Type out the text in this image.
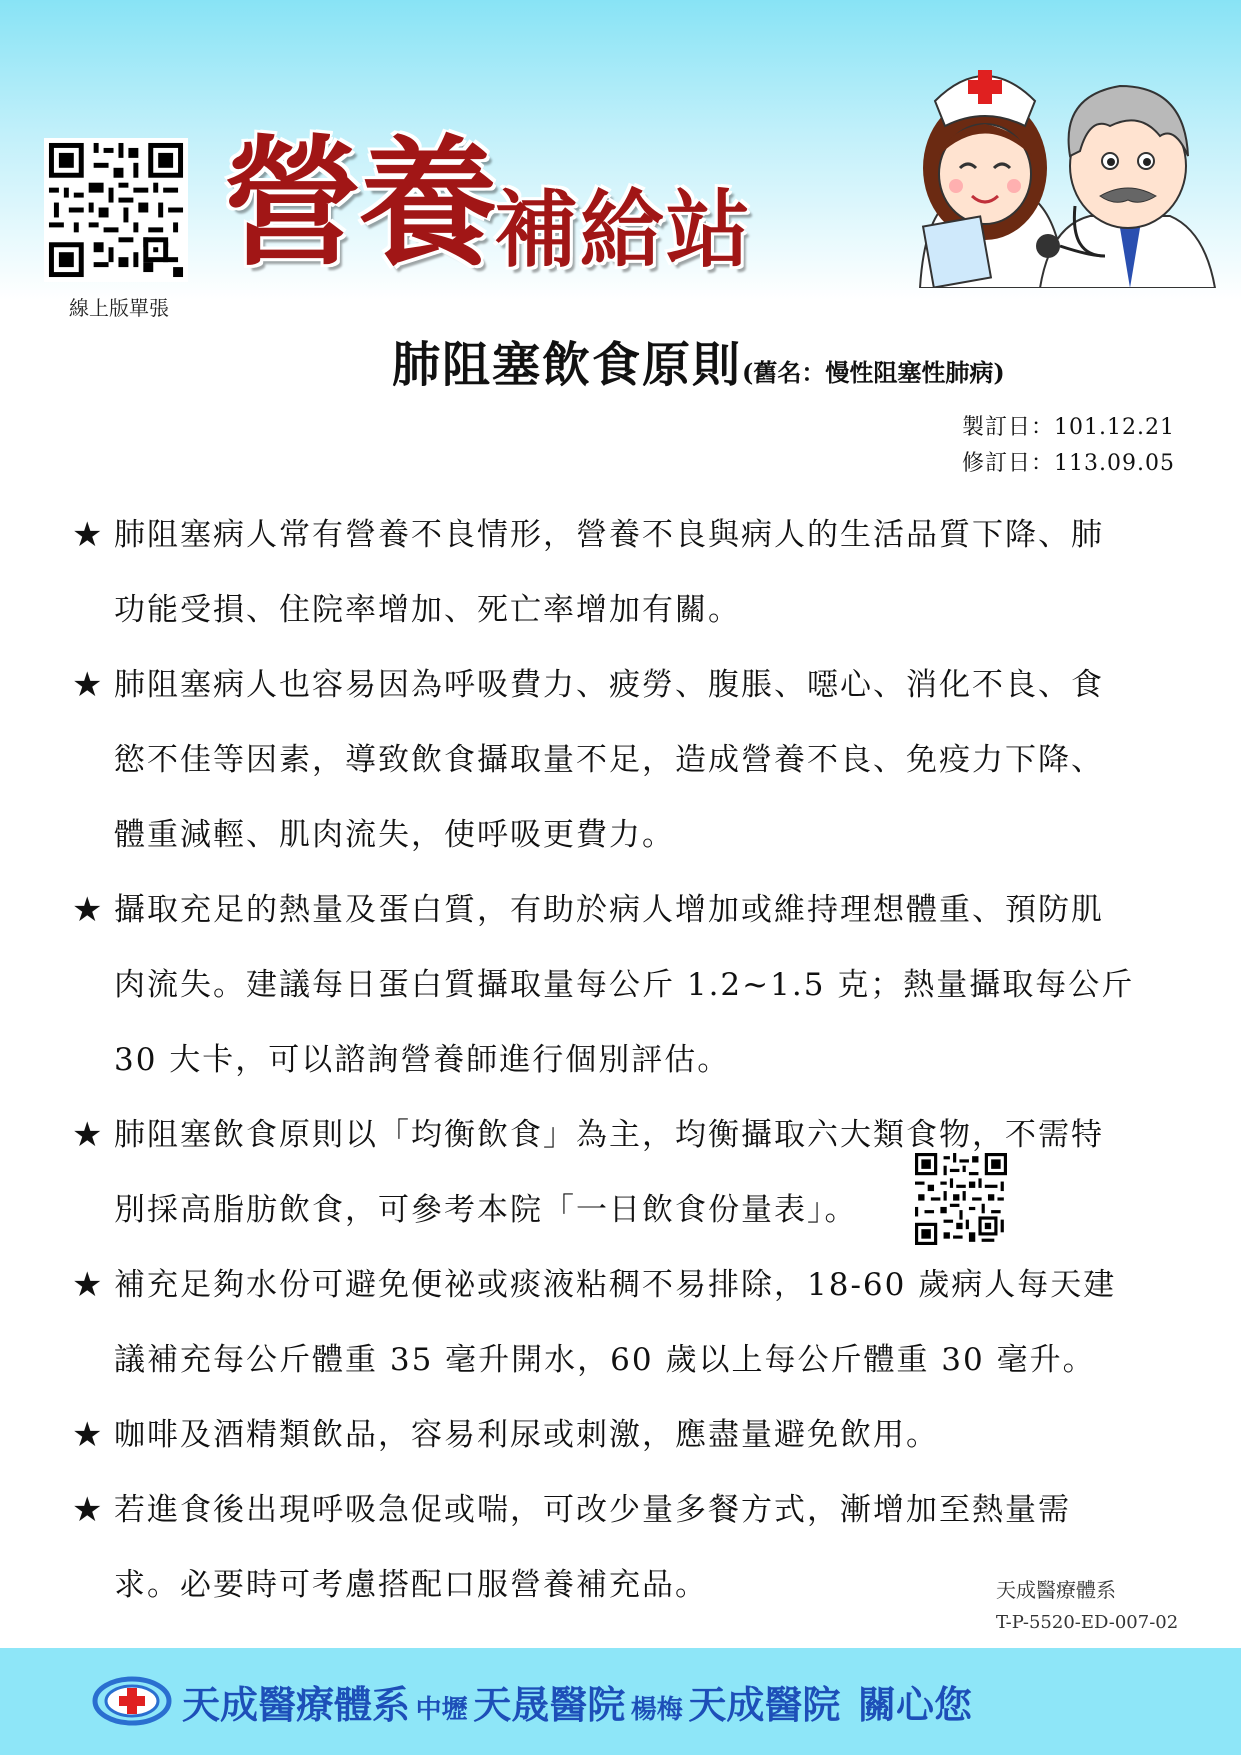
線上版單張
營養補給站
肺阻塞飲食原則(舊名：慢性阻塞性肺病)
製訂日：101.12.21
修訂日：113.09.05
★ 肺阻塞病人常有營養不良情形，營養不良與病人的生活品質下降、肺
功能受損、住院率增加、死亡率增加有關。
★ 肺阻塞病人也容易因為呼吸費力、疲勞、腹脹、噁心、消化不良、食
慾不佳等因素，導致飲食攝取量不足，造成營養不良、免疫力下降、
體重減輕、肌肉流失，使呼吸更費力。
★ 攝取充足的熱量及蛋白質，有助於病人增加或維持理想體重、預防肌
肉流失。建議每日蛋白質攝取量每公斤 1.2~1.5 克；熱量攝取每公斤
30 大卡，可以諮詢營養師進行個別評估。
★ 肺阻塞飲食原則以「均衡飲食」為主，均衡攝取六大類食物，不需特
別採高脂肪飲食，可參考本院「一日飲食份量表」。
★ 補充足夠水份可避免便祕或痰液粘稠不易排除，18-60 歲病人每天建
議補充每公斤體重 35 毫升開水，60 歲以上每公斤體重 30 毫升。
★ 咖啡及酒精類飲品，容易利尿或刺激，應盡量避免飲用。
★ 若進食後出現呼吸急促或喘，可改少量多餐方式，漸增加至熱量需
求。必要時可考慮搭配口服營養補充品。	天成醫療體系
T-P-5520-ED-007-02
天成醫療體系 中壢 天晟醫院 楊梅 天成醫院 關心您
